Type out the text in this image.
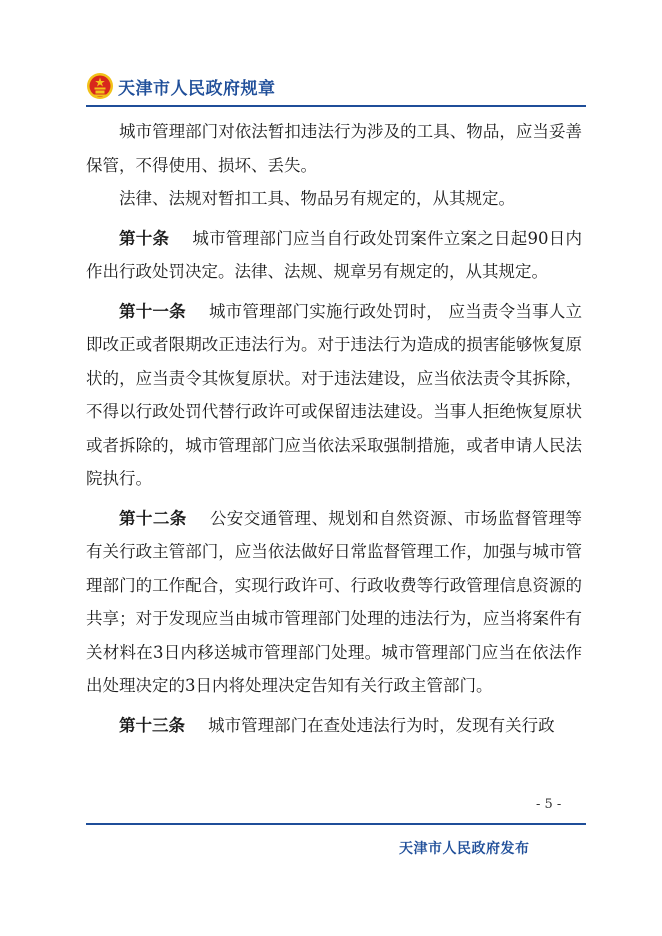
天津市人民政府规章

城市管理部门对依法暂扣违法行为涉及的工具、物品，应当妥善保管，不得使用、损坏、丢失。

法律、法规对暂扣工具、物品另有规定的，从其规定。

第十条 城市管理部门应当自行政处罚案件立案之日起90日内作出行政处罚决定。法律、法规、规章另有规定的，从其规定。

第十一条 城市管理部门实施行政处罚时， 应当责令当事人立即改正或者限期改正违法行为。对于违法行为造成的损害能够恢复原状的，应当责令其恢复原状。对于违法建设，应当依法责令其拆除，不得以行政处罚代替行政许可或保留违法建设。当事人拒绝恢复原状或者拆除的，城市管理部门应当依法采取强制措施，或者申请人民法院执行。

第十二条 公安交通管理、规划和自然资源、市场监督管理等有关行政主管部门，应当依法做好日常监督管理工作，加强与城市管理部门的工作配合，实现行政许可、行政收费等行政管理信息资源的共享；对于发现应当由城市管理部门处理的违法行为，应当将案件有关材料在3日内移送城市管理部门处理。城市管理部门应当在依法作出处理决定的3日内将处理决定告知有关行政主管部门。

第十三条 城市管理部门在查处违法行为时，发现有关行政

- 5 -
天津市人民政府发布
